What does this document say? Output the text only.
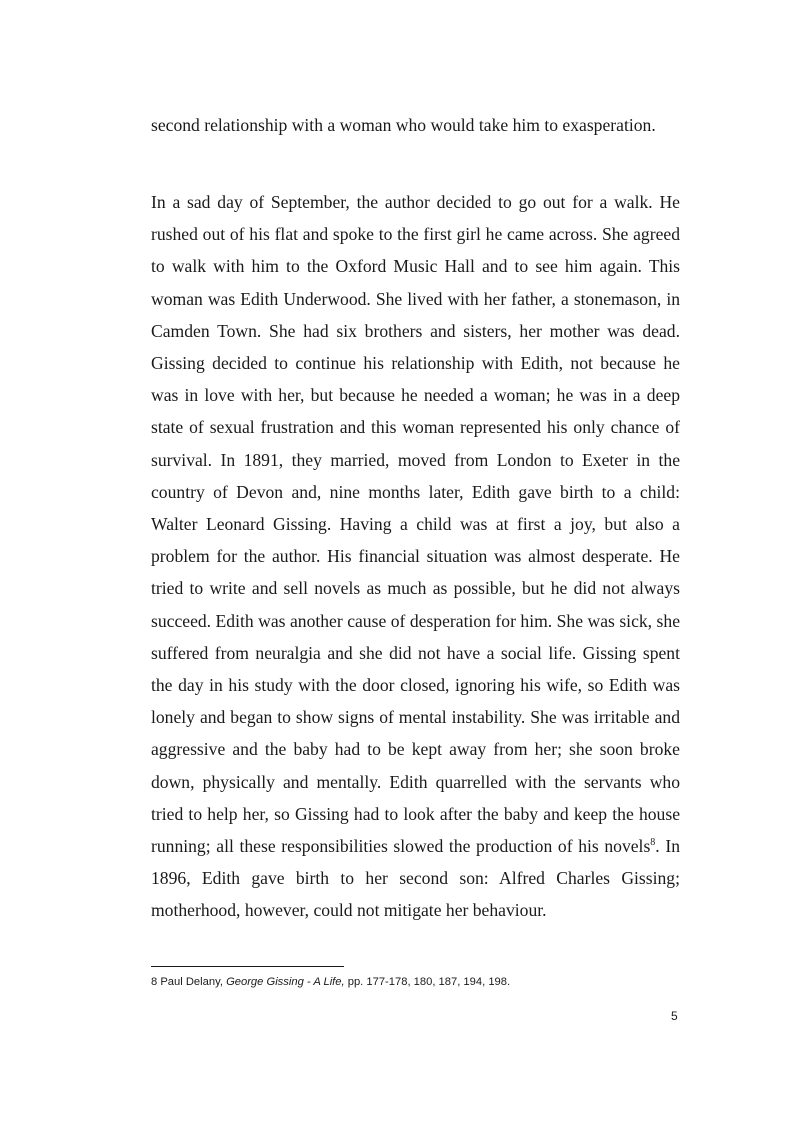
second relationship with a woman who would take him to exasperation.

In a sad day of September, the author decided to go out for a walk. He rushed out of his flat and spoke to the first girl he came across. She agreed to walk with him to the Oxford Music Hall and to see him again. This woman was Edith Underwood. She lived with her father, a stonemason, in Camden Town. She had six brothers and sisters, her mother was dead. Gissing decided to continue his relationship with Edith, not because he was in love with her, but because he needed a woman; he was in a deep state of sexual frustration and this woman represented his only chance of survival. In 1891, they married, moved from London to Exeter in the country of Devon and, nine months later, Edith gave birth to a child: Walter Leonard Gissing. Having a child was at first a joy, but also a problem for the author. His financial situation was almost desperate. He tried to write and sell novels as much as possible, but he did not always succeed. Edith was another cause of desperation for him. She was sick, she suffered from neuralgia and she did not have a social life. Gissing spent the day in his study with the door closed, ignoring his wife, so Edith was lonely and began to show signs of mental instability. She was irritable and aggressive and the baby had to be kept away from her; she soon broke down, physically and mentally. Edith quarrelled with the servants who tried to help her, so Gissing had to look after the baby and keep the house running; all these responsibilities slowed the production of his novels$^8$. In 1896, Edith gave birth to her second son: Alfred Charles Gissing; motherhood, however, could not mitigate her behaviour.

8 Paul Delany, George Gissing - A Life, pp. 177-178, 180, 187, 194, 198.
5
